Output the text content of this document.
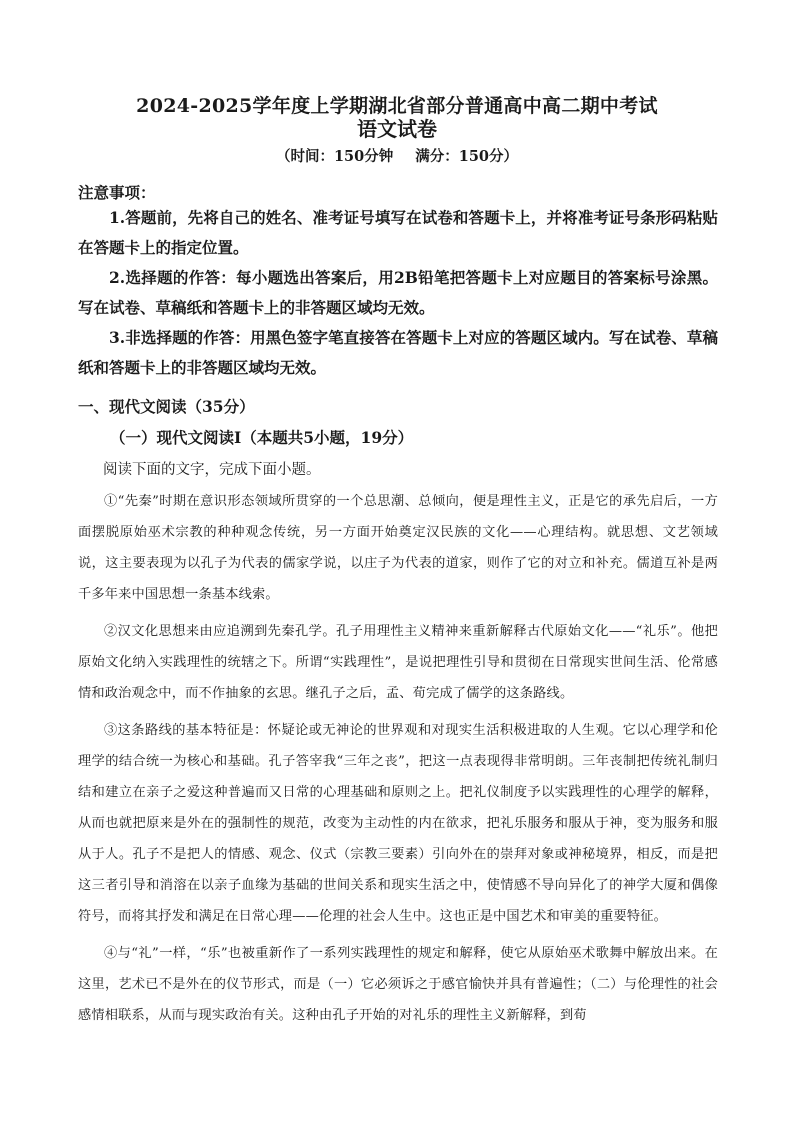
2024-2025学年度上学期湖北省部分普通高中高二期中考试
语文试卷
（时间：150分钟 满分：150分）
注意事项：

1.答题前，先将自己的姓名、准考证号填写在试卷和答题卡上，并将准考证号条形码粘贴在答题卡上的指定位置。

2.选择题的作答：每小题选出答案后，用2B铅笔把答题卡上对应题目的答案标号涂黑。写在试卷、草稿纸和答题卡上的非答题区域均无效。

3.非选择题的作答：用黑色签字笔直接答在答题卡上对应的答题区域内。写在试卷、草稿纸和答题卡上的非答题区域均无效。

一、现代文阅读（35分）
（一）现代文阅读Ⅰ（本题共5小题，19分）
阅读下面的文字，完成下面小题。

①“先秦”时期在意识形态领域所贯穿的一个总思潮、总倾向，便是理性主义，正是它的承先启后，一方面摆脱原始巫术宗教的种种观念传统，另一方面开始奠定汉民族的文化——心理结构。就思想、文艺领域说，这主要表现为以孔子为代表的儒家学说，以庄子为代表的道家，则作了它的对立和补充。儒道互补是两千多年来中国思想一条基本线索。

②汉文化思想来由应追溯到先秦孔学。孔子用理性主义精神来重新解释古代原始文化——“礼乐”。他把原始文化纳入实践理性的统辖之下。所谓“实践理性”，是说把理性引导和贯彻在日常现实世间生活、伦常感情和政治观念中，而不作抽象的玄思。继孔子之后，孟、荀完成了儒学的这条路线。

③这条路线的基本特征是：怀疑论或无神论的世界观和对现实生活积极进取的人生观。它以心理学和伦理学的结合统一为核心和基础。孔子答宰我“三年之丧”，把这一点表现得非常明朗。三年丧制把传统礼制归结和建立在亲子之爱这种普遍而又日常的心理基础和原则之上。把礼仪制度予以实践理性的心理学的解释，从而也就把原来是外在的强制性的规范，改变为主动性的内在欲求，把礼乐服务和服从于神，变为服务和服从于人。孔子不是把人的情感、观念、仪式（宗教三要素）引向外在的崇拜对象或神秘境界，相反，而是把这三者引导和消溶在以亲子血缘为基础的世间关系和现实生活之中，使情感不导向异化了的神学大厦和偶像符号，而将其抒发和满足在日常心理——伦理的社会人生中。这也正是中国艺术和审美的重要特征。

④与“礼”一样，“乐”也被重新作了一系列实践理性的规定和解释，使它从原始巫术歌舞中解放出来。在这里，艺术已不是外在的仪节形式，而是（一）它必须诉之于感官愉快并具有普遍性；（二）与伦理性的社会感情相联系，从而与现实政治有关。这种由孔子开始的对礼乐的理性主义新解释，到荀
